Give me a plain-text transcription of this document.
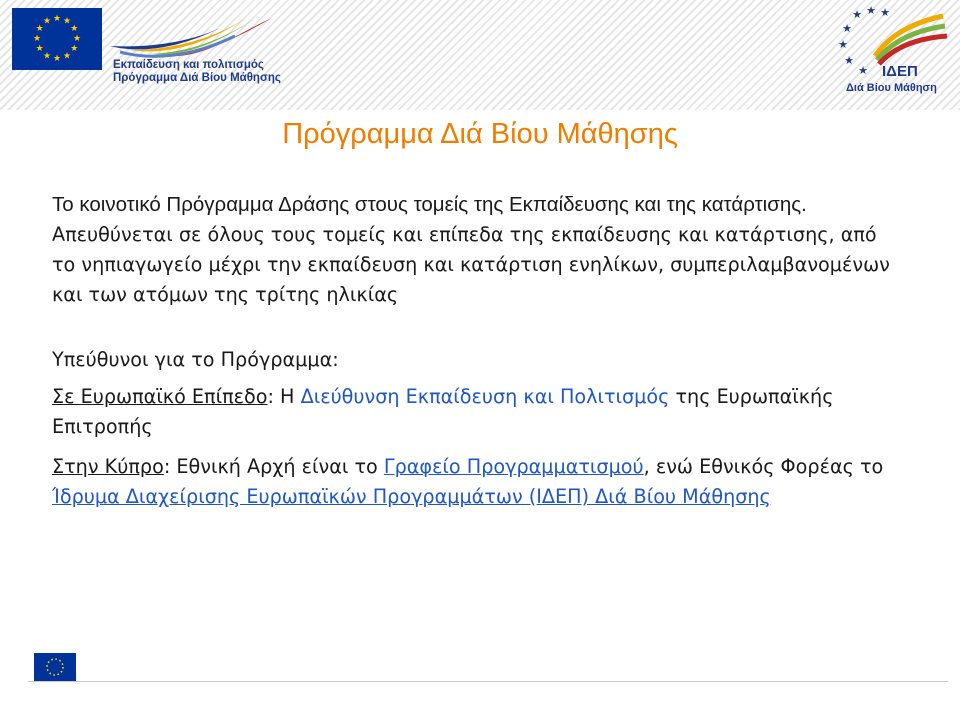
★ ★
★
★
★
★
★
★
★
★
★
★
Εκπαίδευση και πολιτισμός
Πρόγραμμα Διά Βίου Μάθησης
★ ★ ★
★
★
★
★ ΙΔΕΠ
Διά Βίου Μάθηση
Πρόγραμμα Διά Βίου Μάθησης

Το κοινοτικό Πρόγραμμα Δράσης στους τομείς της Εκπαίδευσης και της κατάρτισης. Απευθύνεται σε όλους τους τομείς και επίπεδα της εκπαίδευσης και κατάρτισης, από το νηπιαγωγείο μέχρι την εκπαίδευση και κατάρτιση ενηλίκων, συμπεριλαμβανομένων και των ατόμων της τρίτης ηλικίας

Υπεύθυνοι για το Πρόγραμμα:

Σε Ευρωπαϊκό Επίπεδο: Η Διεύθυνση Εκπαίδευση και Πολιτισμός της Ευρωπαϊκής Επιτροπής

Στην Κύπρο: Εθνική Αρχή είναι το Γραφείο Προγραμματισμού, ενώ Εθνικός Φορέας το Ίδρυμα Διαχείρισης Ευρωπαϊκών Προγραμμάτων (ΙΔΕΠ) Διά Βίου Μάθησης
